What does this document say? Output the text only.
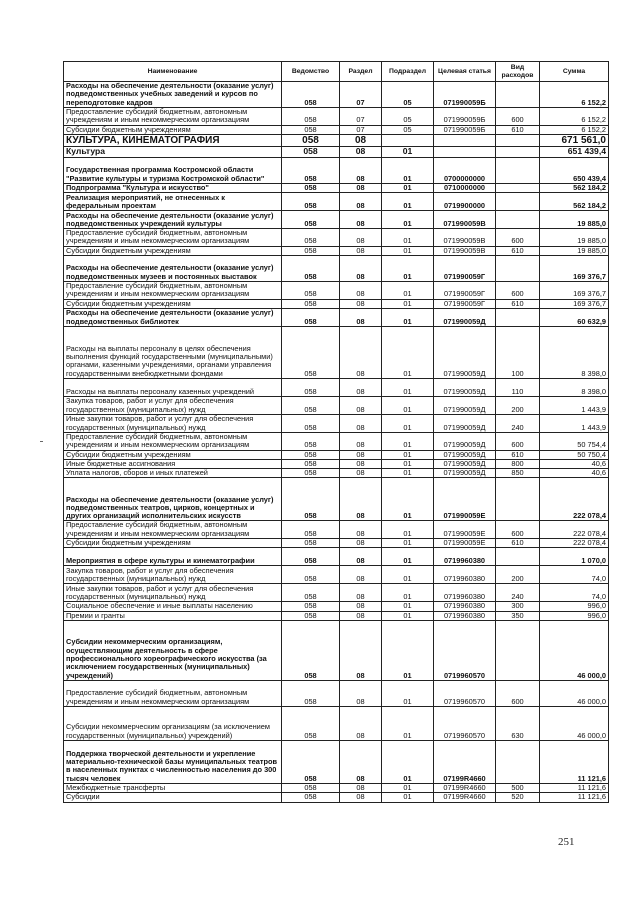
Наименование	Ведомство	Раздел	Подраздел	Целевая статья	Вид расходов	Сумма
Расходы на обеспечение деятельности (оказание услуг) подведомственных учебных заведений и курсов по переподготовке кадров	058	07	05	071990059Б		6 152,2
Предоставление субсидий бюджетным, автономным учреждениям и иным некоммерческим организациям	058	07	05	071990059Б	600	6 152,2
Субсидии бюджетным учреждениям	058	07	05	071990059Б	610	6 152,2
КУЛЬТУРА, КИНЕМАТОГРАФИЯ	058	08				671 561,0
Культура	058	08	01			651 439,4
Государственная программа Костромской области "Развитие культуры и туризма Костромской области"	058	08	01	0700000000		650 439,4
Подпрограмма "Культура и искусство"	058	08	01	0710000000		562 184,2
Реализация мероприятий, не отнесенных к федеральным проектам	058	08	01	0719900000		562 184,2
Расходы на обеспечение деятельности (оказание услуг) подведомственных учреждений культуры	058	08	01	071990059В		19 885,0
Предоставление субсидий бюджетным, автономным учреждениям и иным некоммерческим организациям	058	08	01	071990059В	600	19 885,0
Субсидии бюджетным учреждениям	058	08	01	071990059В	610	19 885,0
Расходы на обеспечение деятельности (оказание услуг) подведомственных музеев и постоянных выставок	058	08	01	071990059Г		169 376,7
Предоставление субсидий бюджетным, автономным учреждениям и иным некоммерческим организациям	058	08	01	071990059Г	600	169 376,7
Субсидии бюджетным учреждениям	058	08	01	071990059Г	610	169 376,7
Расходы на обеспечение деятельности (оказание услуг) подведомственных библиотек	058	08	01	071990059Д		60 632,9
Расходы на выплаты персоналу в целях обеспечения выполнения функций государственными (муниципальными) органами, казенными учреждениями, органами управления государственными внебюджетными фондами	058	08	01	071990059Д	100	8 398,0
Расходы на выплаты персоналу казенных учреждений	058	08	01	071990059Д	110	8 398,0
Закупка товаров, работ и услуг для обеспечения государственных (муниципальных) нужд	058	08	01	071990059Д	200	1 443,9
Иные закупки товаров, работ и услуг для обеспечения государственных (муниципальных) нужд	058	08	01	071990059Д	240	1 443,9
Предоставление субсидий бюджетным, автономным учреждениям и иным некоммерческим организациям	058	08	01	071990059Д	600	50 754,4
Субсидии бюджетным учреждениям	058	08	01	071990059Д	610	50 750,4
Иные бюджетные ассигнования	058	08	01	071990059Д	800	40,6
Уплата налогов, сборов и иных платежей	058	08	01	071990059Д	850	40,6
Расходы на обеспечение деятельности (оказание услуг) подведомственных театров, цирков, концертных и других организаций исполнительских искусств	058	08	01	071990059Е		222 078,4
Предоставление субсидий бюджетным, автономным учреждениям и иным некоммерческим организациям	058	08	01	071990059Е	600	222 078,4
Субсидии бюджетным учреждениям	058	08	01	071990059Е	610	222 078,4
Мероприятия в сфере культуры и кинематографии	058	08	01	0719960380		1 070,0
Закупка товаров, работ и услуг для обеспечения государственных (муниципальных) нужд	058	08	01	0719960380	200	74,0
Иные закупки товаров, работ и услуг для обеспечения государственных (муниципальных) нужд	058	08	01	0719960380	240	74,0
Социальное обеспечение и иные выплаты населению	058	08	01	0719960380	300	996,0
Премии и гранты	058	08	01	0719960380	350	996,0
Субсидии некоммерческим организациям, осуществляющим деятельность в сфере профессионального хореографического искусства (за исключением государственных (муниципальных) учреждений)	058	08	01	0719960570		46 000,0
Предоставление субсидий бюджетным, автономным учреждениям и иным некоммерческим организациям	058	08	01	0719960570	600	46 000,0
Субсидии некоммерческим организациям (за исключением государственных (муниципальных) учреждений)	058	08	01	0719960570	630	46 000,0
Поддержка творческой деятельности и укрепление материально-технической базы муниципальных театров в населенных пунктах с численностью населения до 300 тысяч человек	058	08	01	07199R4660		11 121,6
Межбюджетные трансферты	058	08	01	07199R4660	500	11 121,6
Субсидии	058	08	01	07199R4660	520	11 121,6
251
